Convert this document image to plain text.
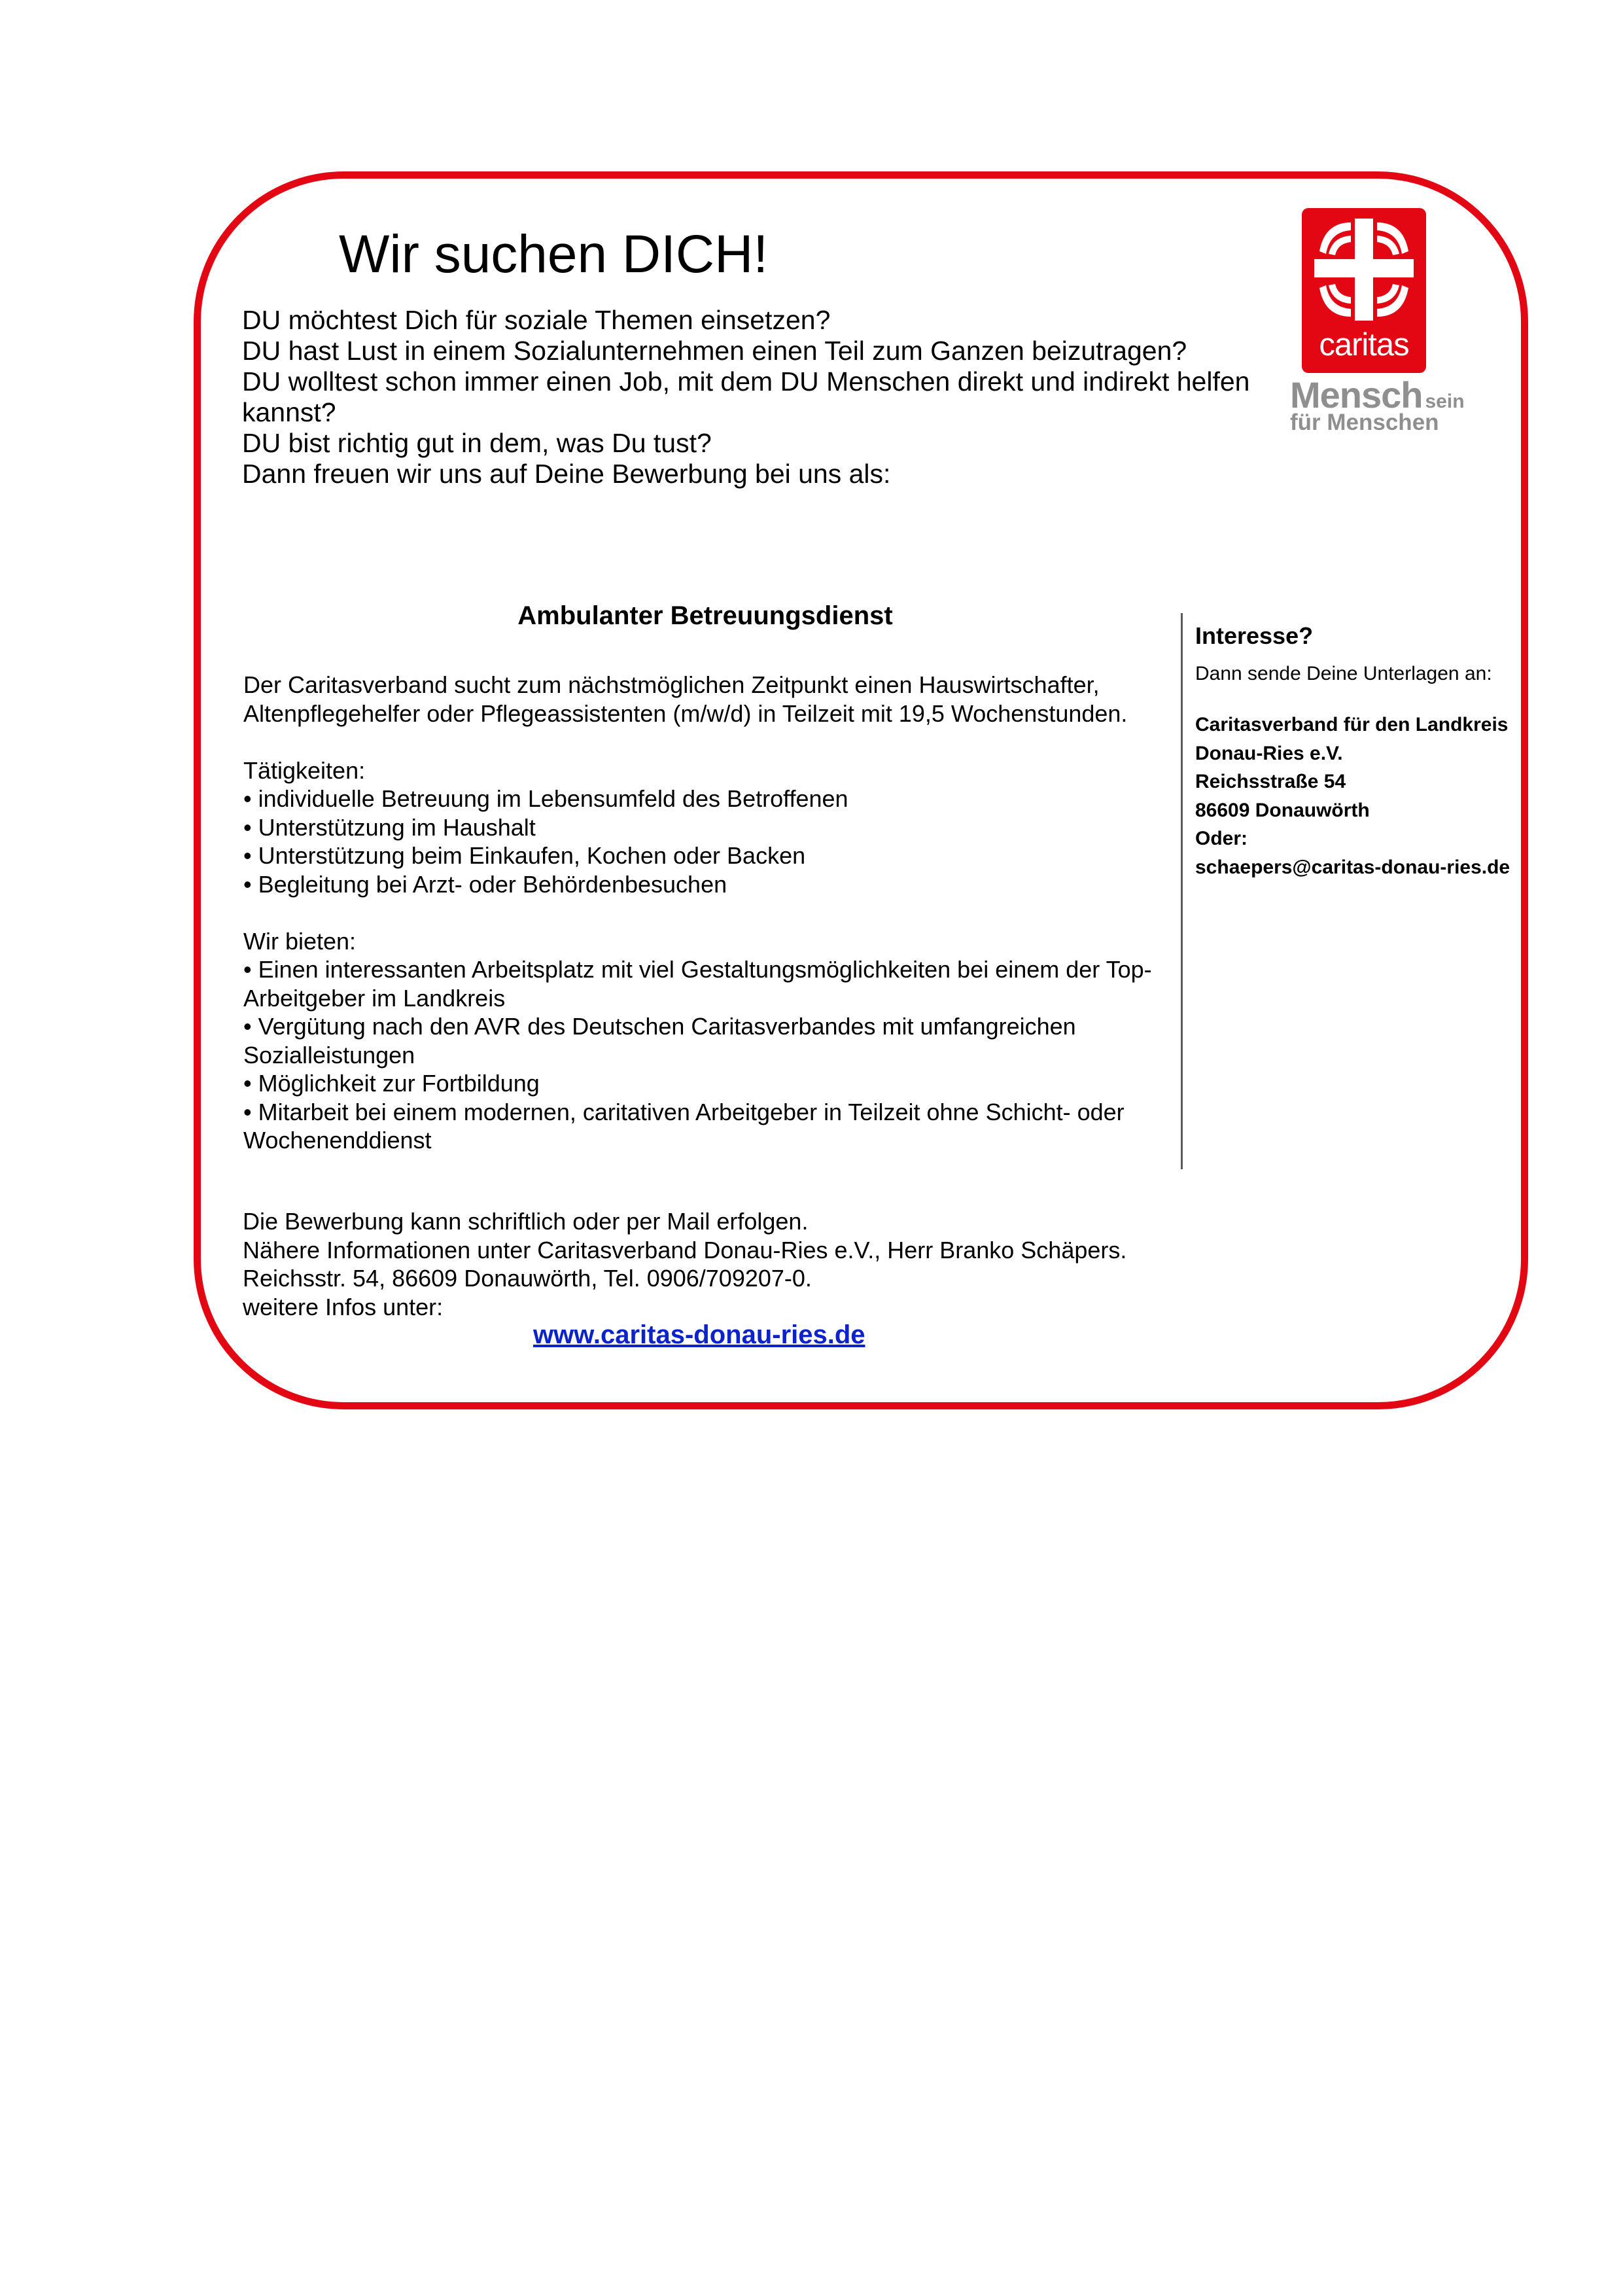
Wir suchen DICH!
DU möchtest Dich für soziale Themen einsetzen?
DU hast Lust in einem Sozialunternehmen einen Teil zum Ganzen beizutragen?
DU wolltest schon immer einen Job, mit dem DU Menschen direkt und indirekt helfen kannst?
DU bist richtig gut in dem, was Du tust?
Dann freuen wir uns auf Deine Bewerbung bei uns als:
caritas
Mensch sein
für Menschen
Ambulanter Betreuungsdienst
Der Caritasverband sucht zum nächstmöglichen Zeitpunkt einen Hauswirtschafter, Altenpflegehelfer oder Pflegeassistenten (m/w/d) in Teilzeit mit 19,5 Wochenstunden.
Tätigkeiten:
• individuelle Betreuung im Lebensumfeld des Betroffenen
• Unterstützung im Haushalt
• Unterstützung beim Einkaufen, Kochen oder Backen
• Begleitung bei Arzt- oder Behördenbesuchen
Wir bieten:
• Einen interessanten Arbeitsplatz mit viel Gestaltungsmöglichkeiten bei einem der Top-Arbeitgeber im Landkreis
• Vergütung nach den AVR des Deutschen Caritasverbandes mit umfangreichen Sozialleistungen
• Möglichkeit zur Fortbildung
• Mitarbeit bei einem modernen, caritativen Arbeitgeber in Teilzeit ohne Schicht- oder Wochenenddienst
Interesse?
Dann sende Deine Unterlagen an:
Caritasverband für den Landkreis
Donau-Ries e.V.
Reichsstraße 54
86609 Donauwörth
Oder:
schaepers@caritas-donau-ries.de
Die Bewerbung kann schriftlich oder per Mail erfolgen.
Nähere Informationen unter Caritasverband Donau-Ries e.V., Herr Branko Schäpers.
Reichsstr. 54, 86609 Donauwörth, Tel. 0906/709207-0.
weitere Infos unter:
www.caritas-donau-ries.de
